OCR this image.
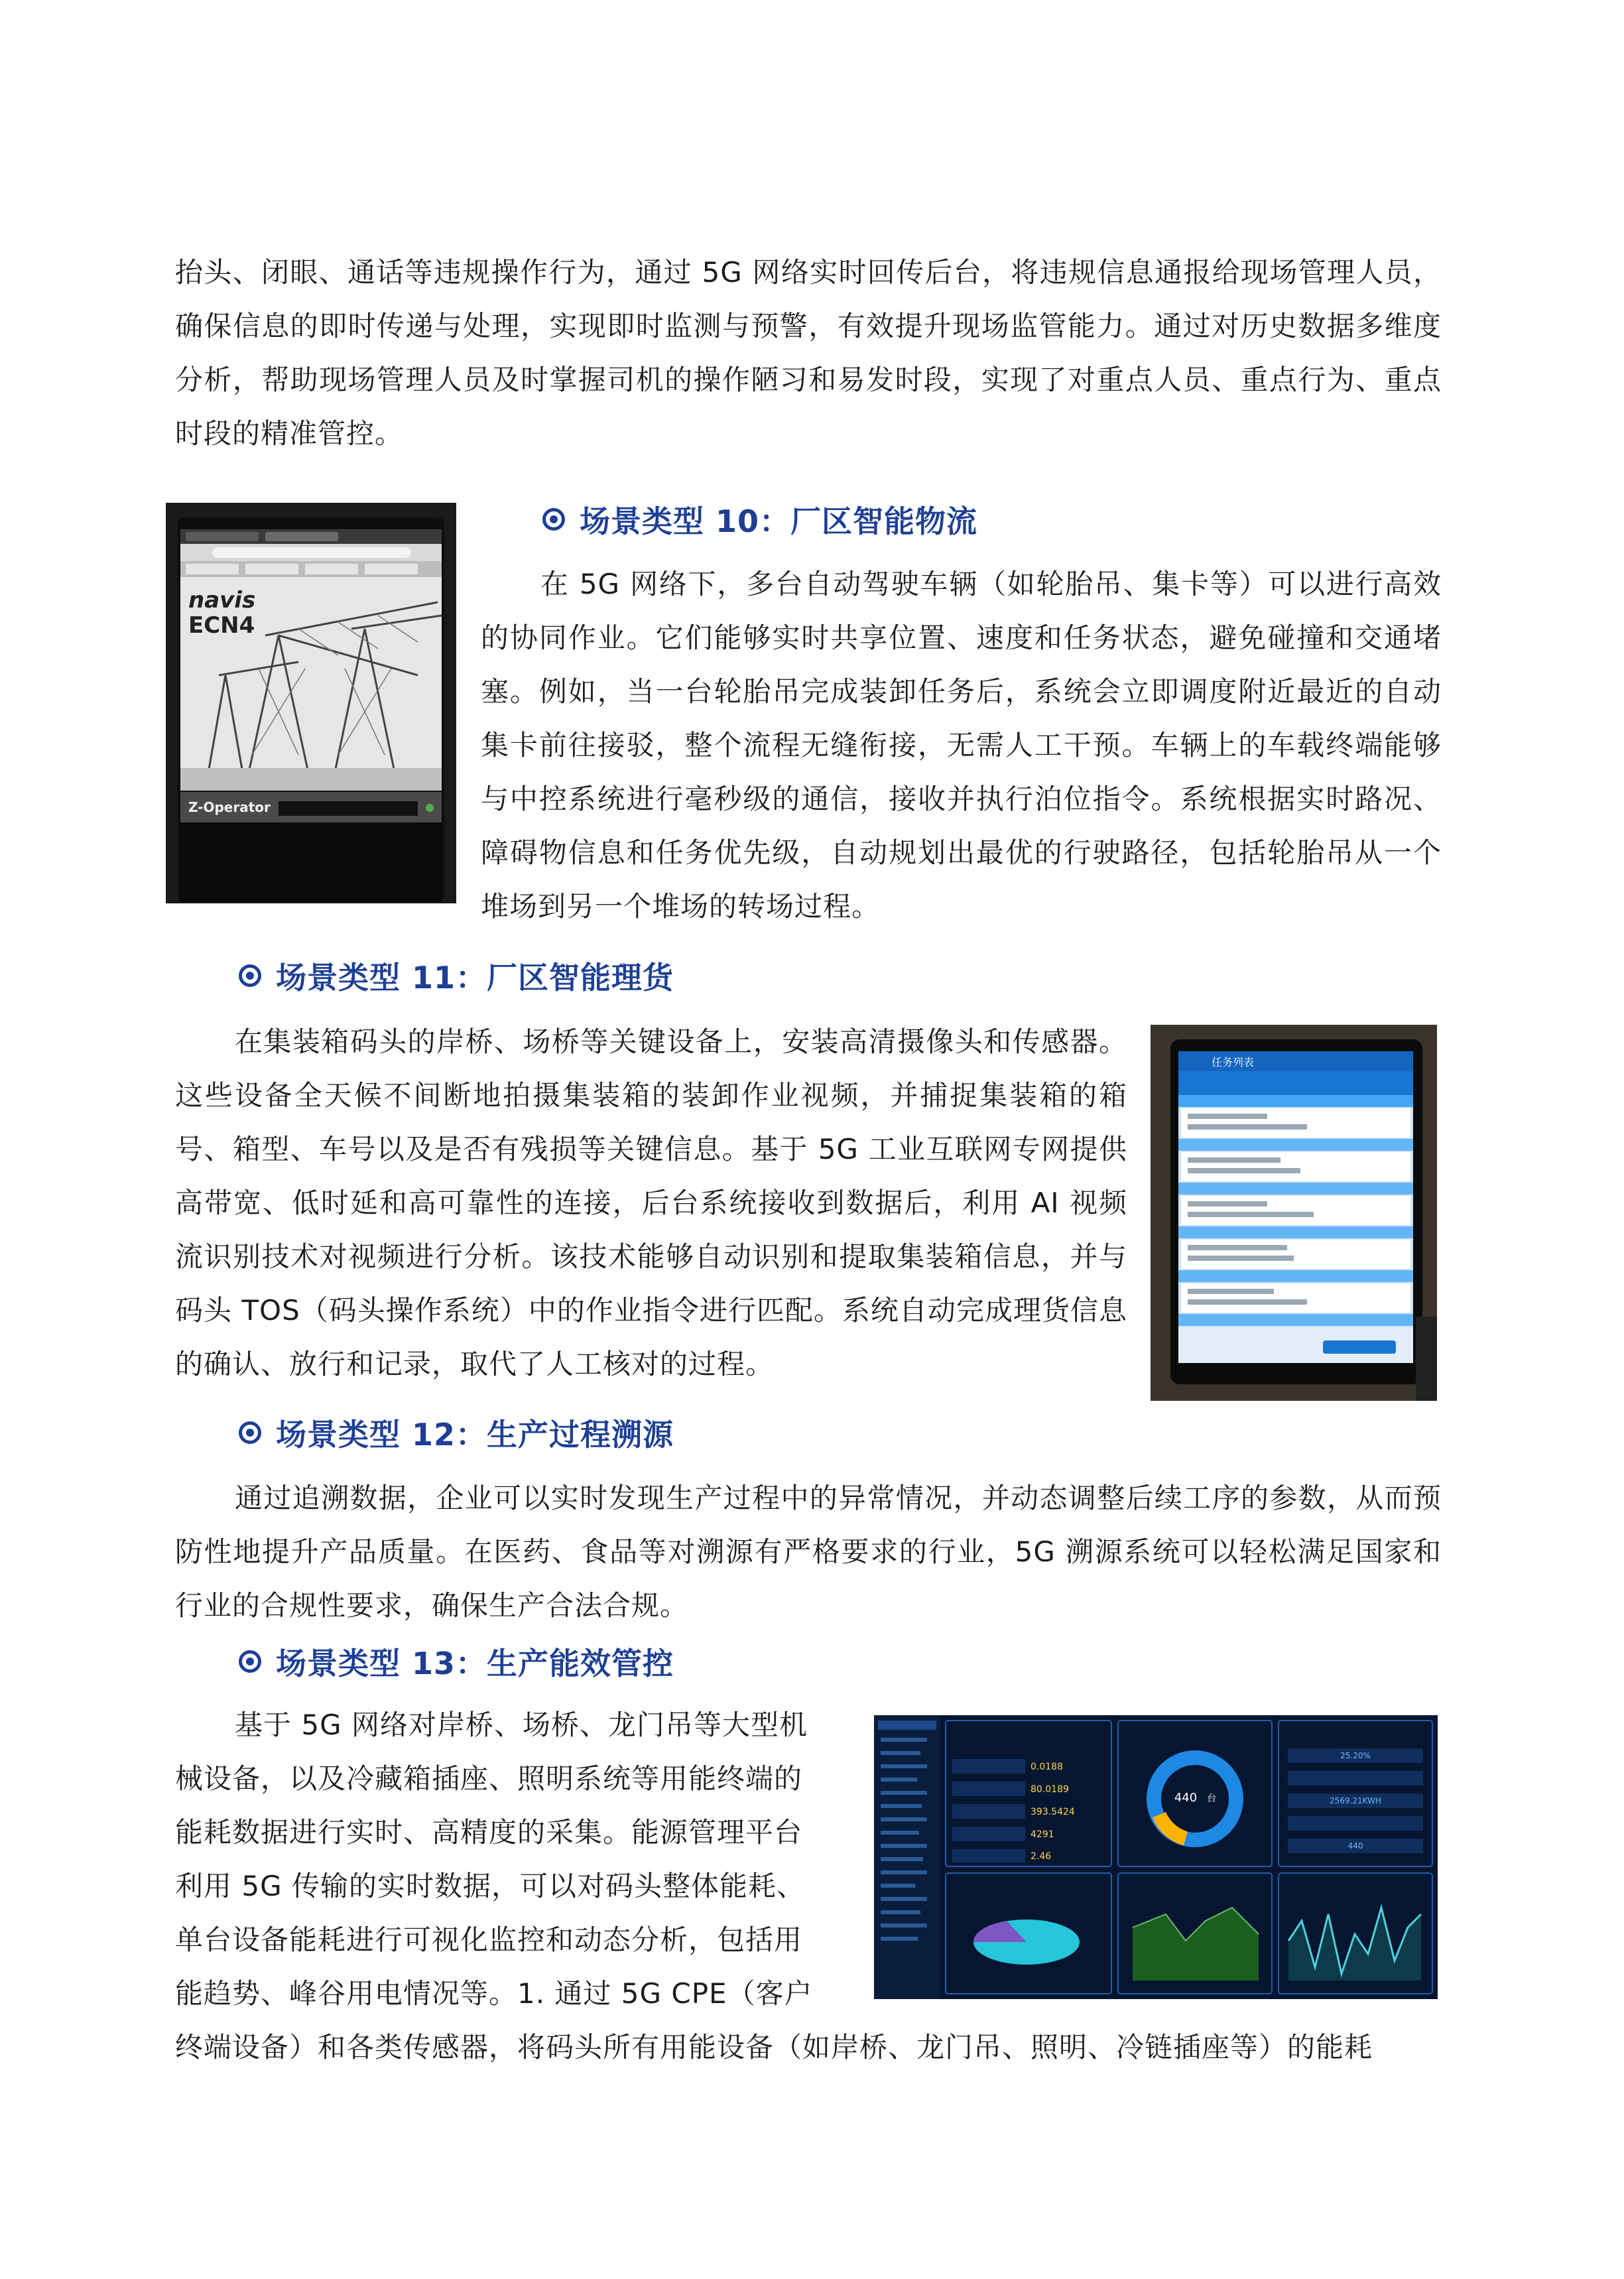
抬头、闭眼、通话等违规操作行为，通过 5G 网络实时回传后台，将违规信息通报给现场管理人员，确保信息的即时传递与处理，实现即时监测与预警，有效提升现场监管能力。通过对历史数据多维度分析，帮助现场管理人员及时掌握司机的操作陋习和易发时段，实现了对重点人员、重点行为、重点时段的精准管控。

navis
ECN4
Z-Operator
场景类型 10：厂区智能物流

在 5G 网络下，多台自动驾驶车辆（如轮胎吊、集卡等）可以进行高效的协同作业。它们能够实时共享位置、速度和任务状态，避免碰撞和交通堵塞。例如，当一台轮胎吊完成装卸任务后，系统会立即调度附近最近的自动集卡前往接驳，整个流程无缝衔接，无需人工干预。车辆上的车载终端能够与中控系统进行毫秒级的通信，接收并执行泊位指令。系统根据实时路况、障碍物信息和任务优先级，自动规划出最优的行驶路径，包括轮胎吊从一个堆场到另一个堆场的转场过程。

场景类型 11：厂区智能理货
任务列表

在集装箱码头的岸桥、场桥等关键设备上，安装高清摄像头和传感器。这些设备全天候不间断地拍摄集装箱的装卸作业视频，并捕捉集装箱的箱号、箱型、车号以及是否有残损等关键信息。基于 5G 工业互联网专网提供高带宽、低时延和高可靠性的连接，后台系统接收到数据后，利用 AI 视频流识别技术对视频进行分析。该技术能够自动识别和提取集装箱信息，并与码头 TOS（码头操作系统）中的作业指令进行匹配。系统自动完成理货信息的确认、放行和记录，取代了人工核对的过程。

场景类型 12：生产过程溯源

通过追溯数据，企业可以实时发现生产过程中的异常情况，并动态调整后续工序的参数，从而预防性地提升产品质量。在医药、食品等对溯源有严格要求的行业，5G 溯源系统可以轻松满足国家和行业的合规性要求，确保生产合法合规。

场景类型 13：生产能效管控
基于 5G 网络对岸桥、场桥、龙门吊等大型机
械设备，以及冷藏箱插座、照明系统等用能终端的
能耗数据进行实时、高精度的采集。能源管理平台
利用 5G 传输的实时数据，可以对码头整体能耗、
单台设备能耗进行可视化监控和动态分析，包括用
能趋势、峰谷用电情况等。1. 通过 5G CPE（客户
终端设备）和各类传感器，将码头所有用能设备（如岸桥、龙门吊、照明、冷链插座等）的能耗
0.0188
80.0189
393.5424
4291
2.46
440 台
25.20%
2569.21KWH
440
